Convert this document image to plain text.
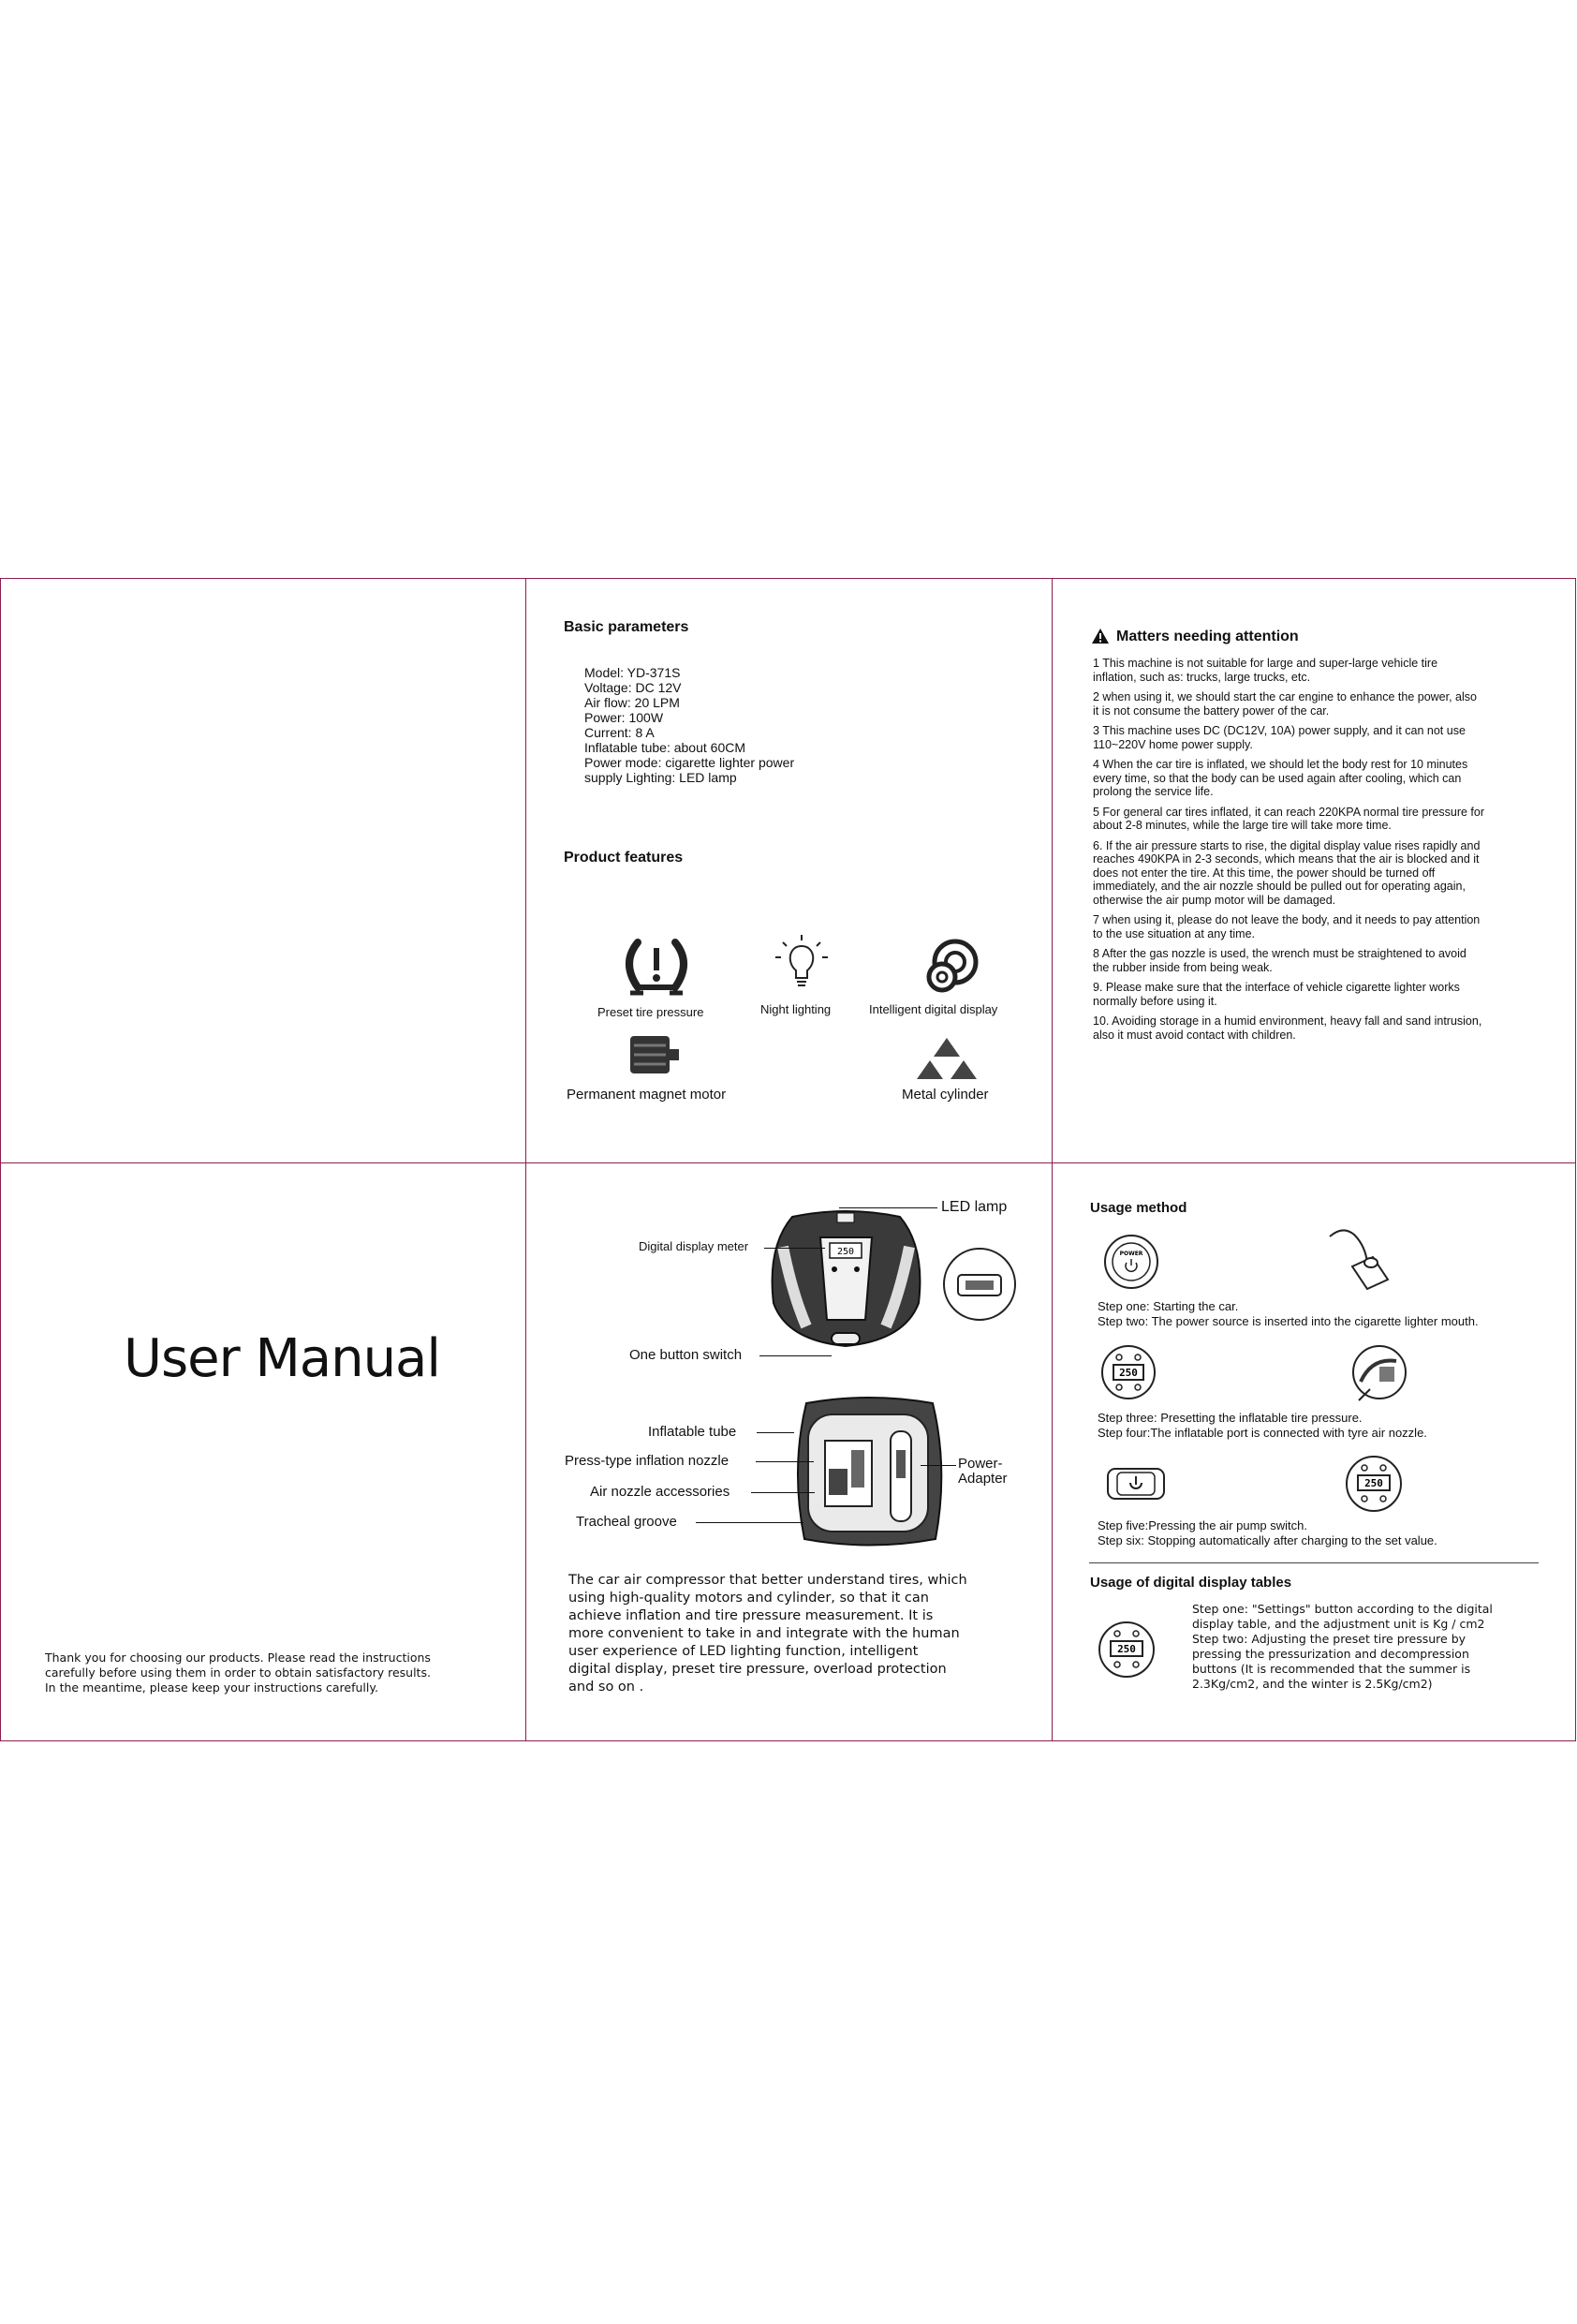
Basic parameters
Model: YD-371S
Voltage: DC 12V
Air flow: 20 LPM
Power: 100W
Current: 8 A
Inflatable tube: about 60CM
Power mode: cigarette lighter power
supply Lighting: LED lamp
Product features
Preset tire pressure	Night lighting	Intelligent digital display
Permanent magnet motor	Metal cylinder
Matters needing attention
1 This machine is not suitable for large and super-large vehicle tire
inflation, such as: trucks, large trucks, etc.
2 when using it, we should start the car engine to enhance the power, also
it is not consume the battery power of the car.
3 This machine uses DC (DC12V, 10A) power supply, and it can not use
110~220V home power supply.
4 When the car tire is inflated, we should let the body rest for 10 minutes
every time, so that the body can be used again after cooling, which can
prolong the service life.
5 For general car tires inflated, it can reach 220KPA normal tire pressure for
about 2-8 minutes, while the large tire will take more time.
6. If the air pressure starts to rise, the digital display value rises rapidly and
reaches 490KPA in 2-3 seconds, which means that the air is blocked and it
does not enter the tire. At this time, the power should be turned off
immediately, and the air nozzle should be pulled out for operating again,
otherwise the air pump motor will be damaged.
7 when using it, please do not leave the body, and it needs to pay attention
to the use situation at any time.
8 After the gas nozzle is used, the wrench must be straightened to avoid
the rubber inside from being weak.
9. Please make sure that the interface of vehicle cigarette lighter works
normally before using it.
10. Avoiding storage in a humid environment, heavy fall and sand intrusion,
also it must avoid contact with children.
User Manual
Thank you for choosing our products. Please read the instructions
carefully before using them in order to obtain satisfactory results.
In the meantime, please keep your instructions carefully.
250
LED lamp
Digital display meter
One button switch
Inflatable tube
Press-type inflation nozzle
Air nozzle accessories
Tracheal groove
Power-
Adapter
The car air compressor that better understand tires, which
using high-quality motors and cylinder, so that it can
achieve inflation and tire pressure measurement. It is
more convenient to take in and integrate with the human
user experience of LED lighting function, intelligent
digital display, preset tire pressure, overload protection
and so on .
Usage method
POWER
Step one: Starting the car.
Step two: The power source is inserted into the cigarette lighter mouth.
250
Step three: Presetting the inflatable tire pressure.
Step four:The inflatable port is connected with tyre air nozzle.
250
Step five:Pressing the air pump switch.
Step six: Stopping automatically after charging to the set value.
Usage of digital display tables
250
Step one: "Settings" button according to the digital
display table, and the adjustment unit is Kg / cm2
Step two: Adjusting the preset tire pressure by
pressing the pressurization and decompression
buttons (It is recommended that the summer is
2.3Kg/cm2, and the winter is 2.5Kg/cm2)
